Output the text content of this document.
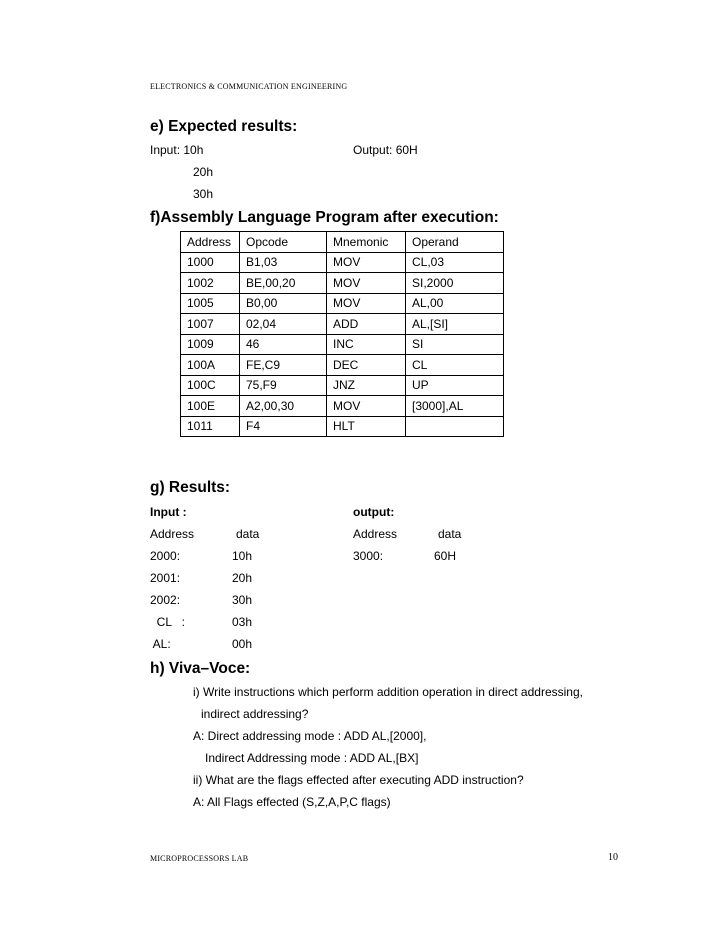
ELECTRONICS & COMMUNICATION ENGINEERING
e) Expected results:
Input: 10h	Output: 60H
20h
30h
f)Assembly Language Program after execution:
Address	Opcode	Mnemonic	Operand
1000	B1,03	MOV	CL,03
1002	BE,00,20	MOV	SI,2000
1005	B0,00	MOV	AL,00
1007	02,04	ADD	AL,[SI]
1009	46	INC	SI
100A	FE,C9	DEC	CL
100C	75,F9	JNZ	UP
100E	A2,00,30	MOV	[3000],AL
1011	F4	HLT	
g) Results:
Input :	output:
Address	data	Address	data
2000:	10h	3000:	60H
2001:	20h
2002:	30h
CL   :	03h
AL:	00h
h) Viva–Voce:
i) Write instructions which perform addition operation in direct addressing,
indirect addressing?
A: Direct addressing mode : ADD AL,[2000],
Indirect Addressing mode : ADD AL,[BX]
ii) What are the flags effected after executing ADD instruction?
A: All Flags effected (S,Z,A,P,C flags)
MICROPROCESSORS LAB	10
